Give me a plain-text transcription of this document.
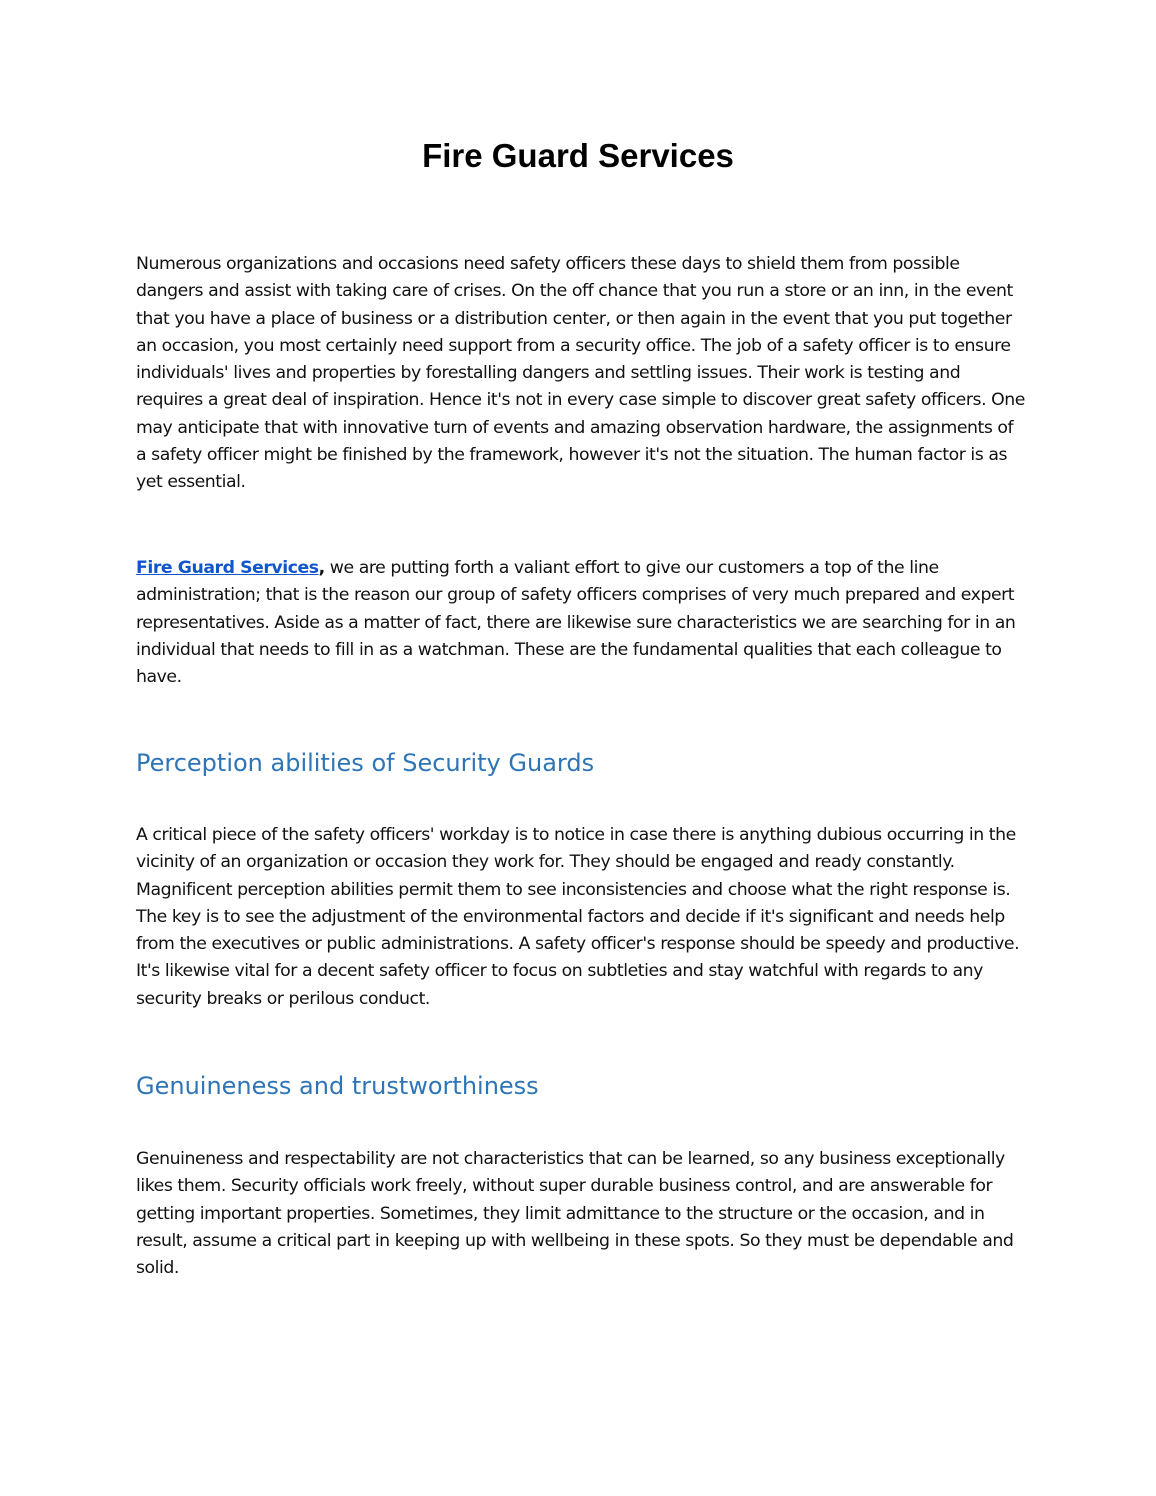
Fire Guard Services

Numerous organizations and occasions need safety officers these days to shield them from possible dangers and assist with taking care of crises. On the off chance that you run a store or an inn, in the event that you have a place of business or a distribution center, or then again in the event that you put together an occasion, you most certainly need support from a security office. The job of a safety officer is to ensure individuals' lives and properties by forestalling dangers and settling issues. Their work is testing and requires a great deal of inspiration. Hence it's not in every case simple to discover great safety officers. One may anticipate that with innovative turn of events and amazing observation hardware, the assignments of a safety officer might be finished by the framework, however it's not the situation. The human factor is as yet essential.

Fire Guard Services, we are putting forth a valiant effort to give our customers a top of the line administration; that is the reason our group of safety officers comprises of very much prepared and expert representatives. Aside as a matter of fact, there are likewise sure characteristics we are searching for in an individual that needs to fill in as a watchman. These are the fundamental qualities that each colleague to have.

Perception abilities of Security Guards

A critical piece of the safety officers' workday is to notice in case there is anything dubious occurring in the vicinity of an organization or occasion they work for. They should be engaged and ready constantly. Magnificent perception abilities permit them to see inconsistencies and choose what the right response is. The key is to see the adjustment of the environmental factors and decide if it's significant and needs help from the executives or public administrations. A safety officer's response should be speedy and productive. It's likewise vital for a decent safety officer to focus on subtleties and stay watchful with regards to any security breaks or perilous conduct.

Genuineness and trustworthiness

Genuineness and respectability are not characteristics that can be learned, so any business exceptionally likes them. Security officials work freely, without super durable business control, and are answerable for getting important properties. Sometimes, they limit admittance to the structure or the occasion, and in result, assume a critical part in keeping up with wellbeing in these spots. So they must be dependable and solid.
